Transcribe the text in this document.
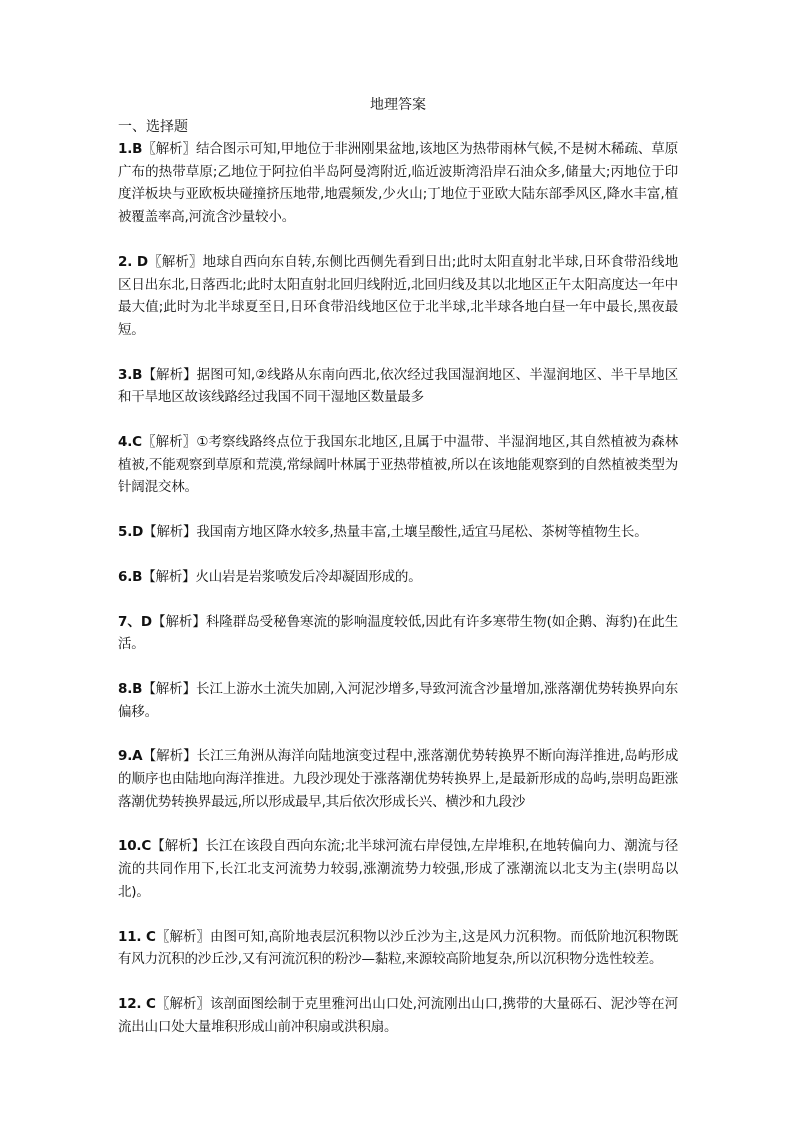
地理答案

一、选择题

1.B〖解析〗结合图示可知,甲地位于非洲刚果盆地,该地区为热带雨林气候,不是树木稀疏、草原广布的热带草原;乙地位于阿拉伯半岛阿曼湾附近,临近波斯湾沿岸石油众多,储量大;丙地位于印度洋板块与亚欧板块碰撞挤压地带,地震频发,少火山;丁地位于亚欧大陆东部季风区,降水丰富,植被覆盖率高,河流含沙量较小。

2. D〖解析〗地球自西向东自转,东侧比西侧先看到日出;此时太阳直射北半球,日环食带沿线地区日出东北,日落西北;此时太阳直射北回归线附近,北回归线及其以北地区正午太阳高度达一年中最大值;此时为北半球夏至日,日环食带沿线地区位于北半球,北半球各地白昼一年中最长,黑夜最短。

3.B【解析】据图可知,②线路从东南向西北,依次经过我国湿润地区、半湿润地区、半干旱地区和干旱地区故该线路经过我国不同干湿地区数量最多

4.C〖解析〗①考察线路终点位于我国东北地区,且属于中温带、半湿润地区,其自然植被为森林植被,不能观察到草原和荒漠,常绿阔叶林属于亚热带植被,所以在该地能观察到的自然植被类型为针阔混交林。

5.D【解析】我国南方地区降水较多,热量丰富,土壤呈酸性,适宜马尾松、茶树等植物生长。

6.B【解析】火山岩是岩浆喷发后冷却凝固形成的。

7、D【解析】科隆群岛受秘鲁寒流的影响温度较低,因此有许多寒带生物(如企鹅、海豹)在此生活。

8.B【解析】长江上游水土流失加剧,入河泥沙增多,导致河流含沙量增加,涨落潮优势转换界向东偏移。

9.A【解析】长江三角洲从海洋向陆地演变过程中,涨落潮优势转换界不断向海洋推进,岛屿形成的顺序也由陆地向海洋推进。九段沙现处于涨落潮优势转换界上,是最新形成的岛屿,崇明岛距涨落潮优势转换界最远,所以形成最早,其后依次形成长兴、横沙和九段沙

10.C【解析】长江在该段自西向东流;北半球河流右岸侵蚀,左岸堆积,在地转偏向力、潮流与径流的共同作用下,长江北支河流势力较弱,涨潮流势力较强,形成了涨潮流以北支为主(崇明岛以北)。

11. C〖解析〗由图可知,高阶地表层沉积物以沙丘沙为主,这是风力沉积物。而低阶地沉积物既有风力沉积的沙丘沙,又有河流沉积的粉沙—黏粒,来源较高阶地复杂,所以沉积物分选性较差。

12. C〖解析〗该剖面图绘制于克里雅河出山口处,河流刚出山口,携带的大量砾石、泥沙等在河流出山口处大量堆积形成山前冲积扇或洪积扇。
